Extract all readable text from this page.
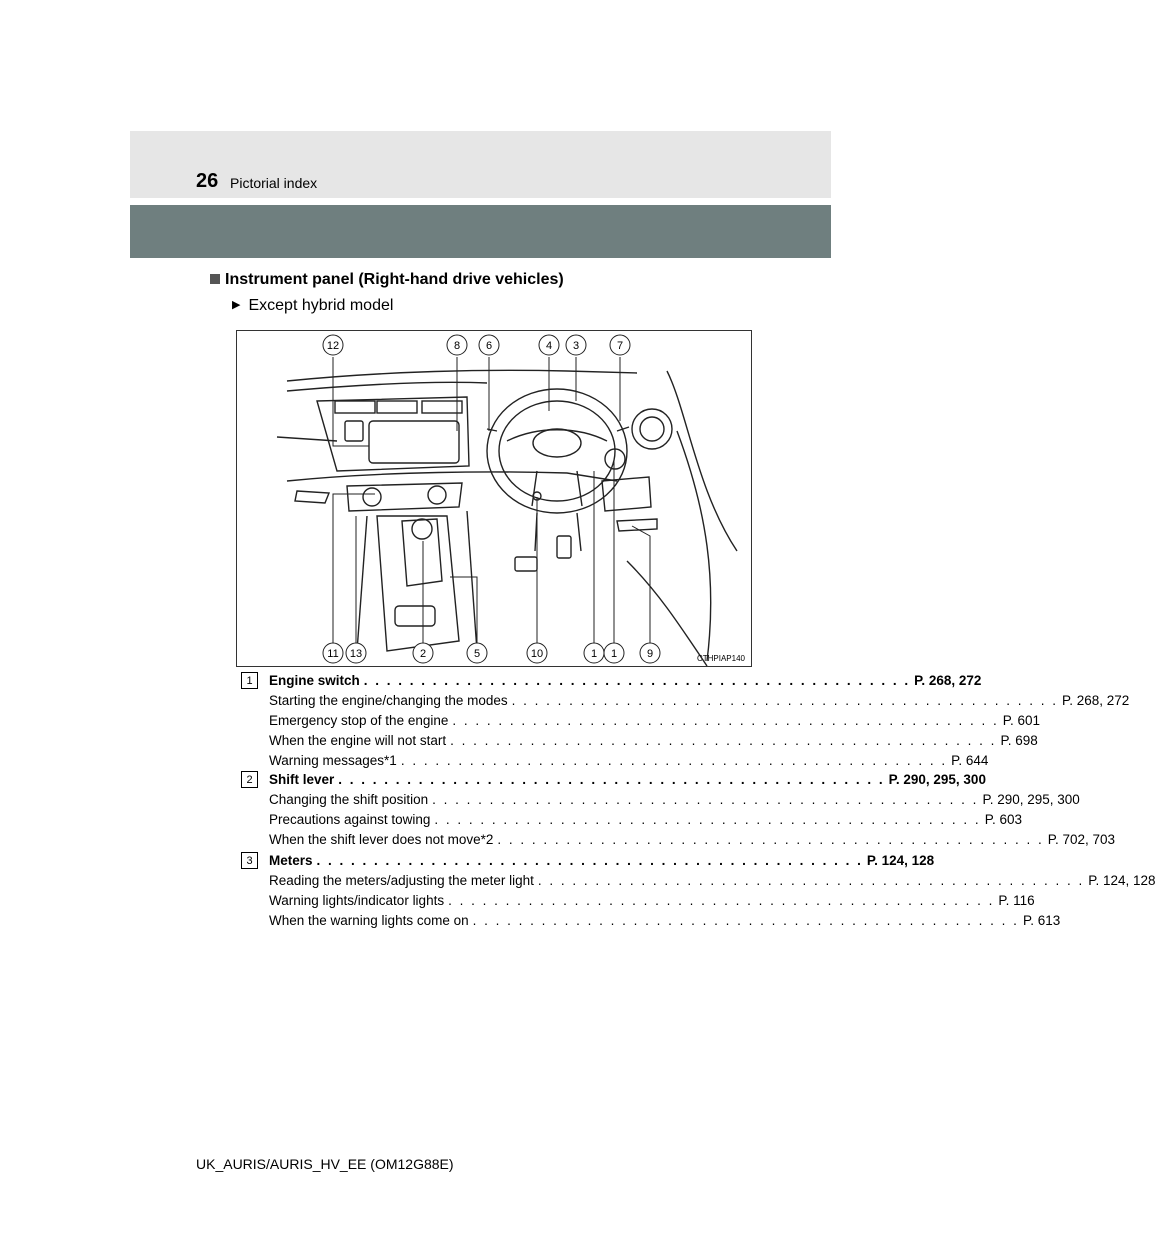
26 Pictorial index
Instrument panel (Right-hand drive vehicles)
▶ Except hybrid model
12	8 6	4 3	7
11 13	2	5	10	1 1	9	CTHPIAP140
1	Engine switch . . . . . . . . . . . . . . . . . . . . . . . . . . . . . . . . . . . . . . . . . . . . . . . . P. 268, 272
Starting the engine/changing the modes . . . . . . . . . . . . . . . . . . . . . . . . . . . . . . . . . . . . . . . . . . . . . . . . P. 268, 272
Emergency stop of the engine . . . . . . . . . . . . . . . . . . . . . . . . . . . . . . . . . . . . . . . . . . . . . . . . P. 601
When the engine will not start . . . . . . . . . . . . . . . . . . . . . . . . . . . . . . . . . . . . . . . . . . . . . . . . P. 698
Warning messages*1 . . . . . . . . . . . . . . . . . . . . . . . . . . . . . . . . . . . . . . . . . . . . . . . . P. 644
2	Shift lever . . . . . . . . . . . . . . . . . . . . . . . . . . . . . . . . . . . . . . . . . . . . . . . . P. 290, 295, 300
Changing the shift position . . . . . . . . . . . . . . . . . . . . . . . . . . . . . . . . . . . . . . . . . . . . . . . . P. 290, 295, 300
Precautions against towing . . . . . . . . . . . . . . . . . . . . . . . . . . . . . . . . . . . . . . . . . . . . . . . . P. 603
When the shift lever does not move*2 . . . . . . . . . . . . . . . . . . . . . . . . . . . . . . . . . . . . . . . . . . . . . . . . P. 702, 703
3	Meters . . . . . . . . . . . . . . . . . . . . . . . . . . . . . . . . . . . . . . . . . . . . . . . . P. 124, 128
Reading the meters/adjusting the meter light . . . . . . . . . . . . . . . . . . . . . . . . . . . . . . . . . . . . . . . . . . . . . . . . P. 124, 128
Warning lights/indicator lights . . . . . . . . . . . . . . . . . . . . . . . . . . . . . . . . . . . . . . . . . . . . . . . . P. 116
When the warning lights come on . . . . . . . . . . . . . . . . . . . . . . . . . . . . . . . . . . . . . . . . . . . . . . . . P. 613
UK_AURIS/AURIS_HV_EE (OM12G88E)
